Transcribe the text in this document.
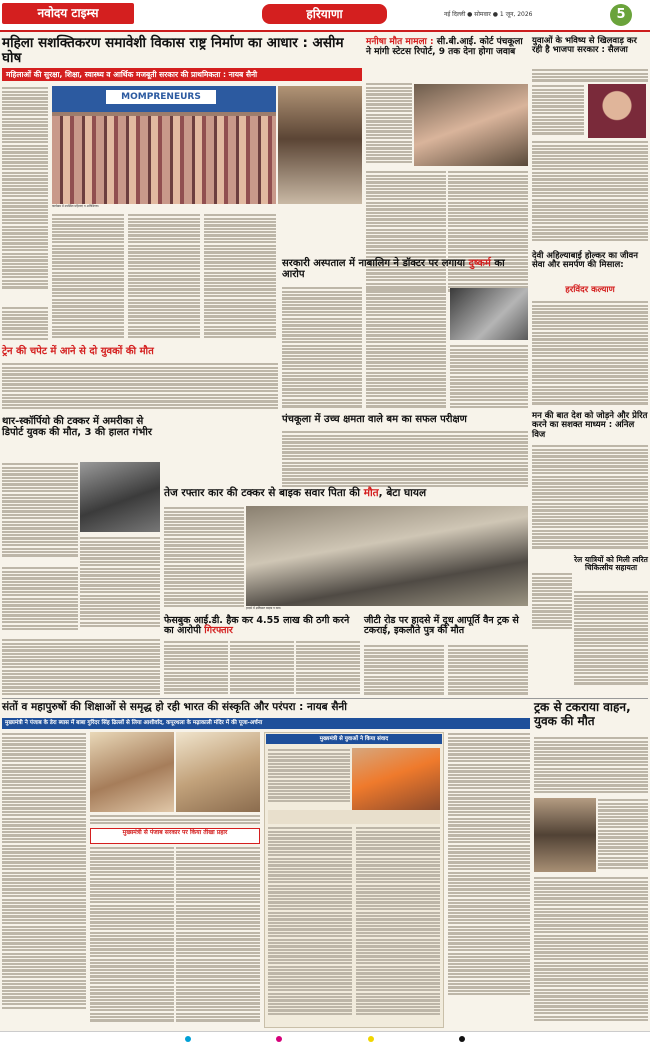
नवोदय टाइम्स	हरियाणा	नई दिल्ली ● सोमवार ● 1 जून, 2026	5
महिला सशक्तिकरण समावेशी विकास राष्ट्र निर्माण का आधार : असीम घोष
महिलाओं की सुरक्षा, शिक्षा, स्वास्थ्य व आर्थिक मजबूती सरकार की प्राथमिकता : नायब सैनी
MOMPRENEURS
कार्यक्रम में उपस्थित महिलाएं व अतिथिगण।
मनीषा मौत मामला : सी.बी.आई. कोर्ट पंचकूला ने मांगी स्टेटस रिपोर्ट, 9 तक देना होगा जवाब
युवाओं के भविष्य से खिलवाड़ कर रही है भाजपा सरकार : सैलजा
देवी अहिल्याबाई होल्कर का जीवन सेवा और समर्पण की मिसाल:
हरविंदर कल्याण
सरकारी अस्पताल में नाबालिग ने डॉक्टर पर लगाया दुष्कर्म का आरोप
ट्रेन की चपेट में आने से दो युवकों की मौत
पंचकूला में उच्च क्षमता वाले बम का सफल परीक्षण
थार-स्कॉर्पियो की टक्कर में अमरीका से डिपोर्ट युवक की मौत, 3 की हालत गंभीर
तेज रफ्तार कार की टक्कर से बाइक सवार पिता की मौत, बेटा घायल
हादसे में क्षतिग्रस्त बाइक व कार।
मन की बात देश को जोड़ने और प्रेरित करने का सशक्त माध्यम : अनिल विज
रेल यात्रियों को मिली त्वरित चिकित्सीय सहायता
फेसबुक आई.डी. हैक कर 4.55 लाख की ठगी करने का आरोपी गिरफ्तार
जीटी रोड पर हादसे में दूध आपूर्ति वैन ट्रक से टकराई, इकलौते पुत्र की मौत
संतों व महापुरुषों की शिक्षाओं से समृद्ध हो रही भारत की संस्कृति और परंपरा : नायब सैनी
मुख्यमंत्री ने पंजाब के डेरा ब्यास में बाबा गुरिंदर सिंह ढिल्लों से लिया आशीर्वाद, कपूरथला के मढ़ाकाली मंदिर में की पूजा-अर्चना
मुख्यमंत्री से पंजाब सरकार पर किया तीखा प्रहार
मुख्यमंत्री से युवाओं ने किया संवाद
ट्रक से टकराया वाहन, युवक की मौत
